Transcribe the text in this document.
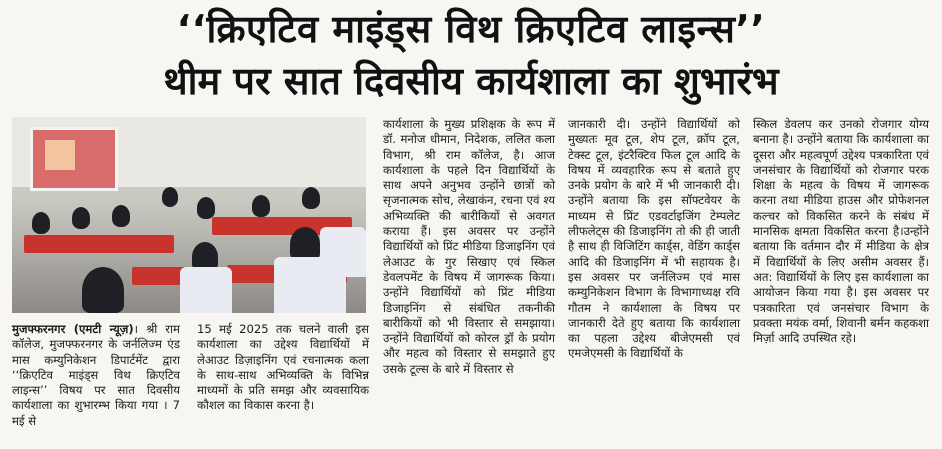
‘‘क्रिएटिव माइंड्स विथ क्रिएटिव लाइन्स’’
थीम पर सात दिवसीय कार्यशाला का शुभारंभ

मुजफ्फरनगर (एमटी न्यूज़)। श्री राम कॉलेज, मुजफ्फरनगर के जर्नलिज्म एंड मास कम्युनिकेशन डिपार्टमेंट द्वारा ‘‘क्रिएटिव माइंड्स विथ क्रिएटिव लाइन्स’’ विषय पर सात दिवसीय कार्यशाला का शुभारम्भ किया गया । 7 मई से

15 मई 2025 तक चलने वाली इस कार्यशाला का उद्देश्य विद्यार्थियों में लेआउट डिज़ाइनिंग एवं रचनात्मक कला के साथ-साथ अभिव्यक्ति के विभिन्न माध्यमों के प्रति समझ और व्यवसायिक कौशल का विकास करना है।

कार्यशाला के मुख्य प्रशिक्षक के रूप में डॉ. मनोज धीमान, निदेशक, ललित कला विभाग, श्री राम कॉलेज, है। आज कार्यशाला के पहले दिन विद्यार्थियों के साथ अपने अनुभव उन्होंने छात्रों को सृजनात्मक सोच, लेखाकंन, रचना एवं श्य अभिव्यक्ति की बारीकियों से अवगत कराया हैं। इस अवसर पर उन्होंने विद्यार्थियों को प्रिंट मीडिया डिजाइनिंग एवं लेआउट के गुर सिखाए एवं स्किल डेवलपमेंट के विषय में जागरूक किया। उन्होंने विद्यार्थियों को प्रिंट मीडिया डिजाइनिंग से संबंधित तकनीकी बारीकियों को भी विस्तार से समझाया। उन्होंने विद्यार्थियों को कोरल ड्रॉ के प्रयोग और महत्व को विस्तार से समझाते हुए उसके टूल्स के बारे में विस्तार से

जानकारी दी। उन्होंने विद्यार्थियों को मुख्यतः मूव टूल, शेप टूल, क्रॉप टूल, टेक्स्ट टूल, इंटरैक्टिव फिल टूल आदि के विषय में व्यवहारिक रूप से बताते हुए उनके प्रयोग के बारे में भी जानकारी दी। उन्होंने बताया कि इस सॉफ्टवेयर के माध्यम से प्रिंट एडवर्टाइजिंग टेम्पलेट लीफलेट्स की डिजाइनिंग तो की ही जाती है साथ ही विजिटिंग कार्ड्स, वेडिंग कार्ड्स आदि की डिजाइनिंग में भी सहायक है। इस अवसर पर जर्नलिज्म एवं मास कम्युनिकेशन विभाग के विभागाध्यक्ष रवि गौतम ने कार्यशाला के विषय पर जानकारी देते हुए बताया कि कार्यशाला का पहला उद्देश्य बीजेएमसी एवं एमजेएमसी के विद्यार्थियों के

स्किल डेवलप कर उनको रोजगार योग्य बनाना है। उन्होंने बताया कि कार्यशाला का दूसरा और महत्वपूर्ण उद्देश्य पत्रकारिता एवं जनसंचार के विद्यार्थियों को रोजगार परक शिक्षा के महत्व के विषय में जागरूक करना तथा मीडिया हाउस और प्रोफेशनल कल्चर को विकसित करने के संबंध में मानसिक क्षमता विकसित करना है।उन्होंने बताया कि वर्तमान दौर में मीडिया के क्षेत्र में विद्यार्थियों के लिए असीम अवसर हैं। अत: विद्यार्थियों के लिए इस कार्यशाला का आयोजन किया गया है। इस अवसर पर पत्रकारिता एवं जनसंचार विभाग के प्रवक्ता मयंक वर्मा, शिवानी बर्मन कहकशा मिर्ज़ा आदि उपस्थित रहे।
